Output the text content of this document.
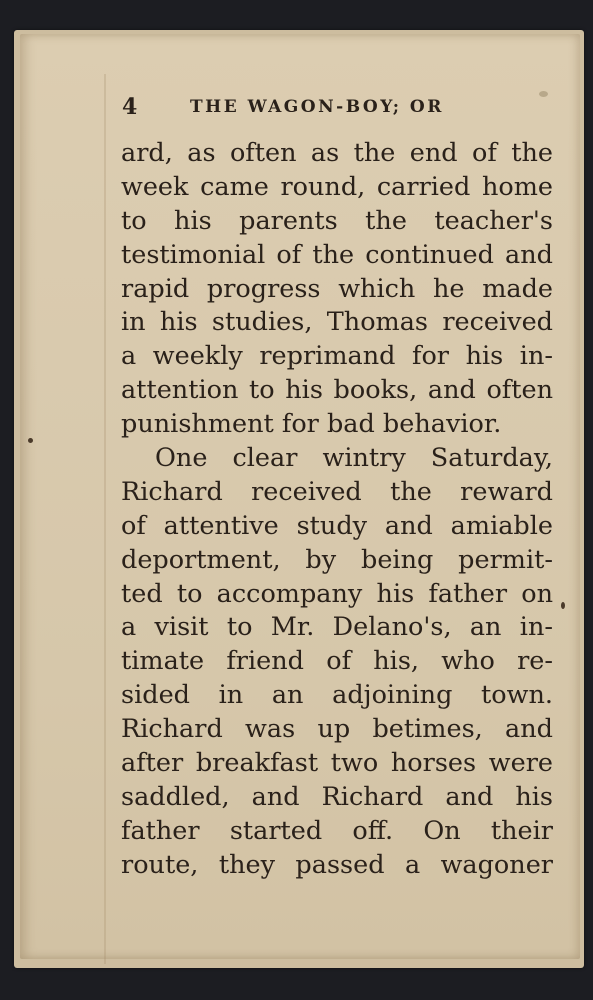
4	THE WAGON-BOY; OR
ard, as often as the end of the
week came round, carried home
to his parents the teacher's
testimonial of the continued and
rapid progress which he made
in his studies, Thomas received
a weekly reprimand for his in-
attention to his books, and often
punishment for bad behavior.
One clear wintry Saturday,
Richard received the reward
of attentive study and amiable
deportment, by being permit-
ted to accompany his father on
a visit to Mr. Delano's, an in-
timate friend of his, who re-
sided in an adjoining town.
Richard was up betimes, and
after breakfast two horses were
saddled, and Richard and his
father started off. On their
route, they passed a wagoner
